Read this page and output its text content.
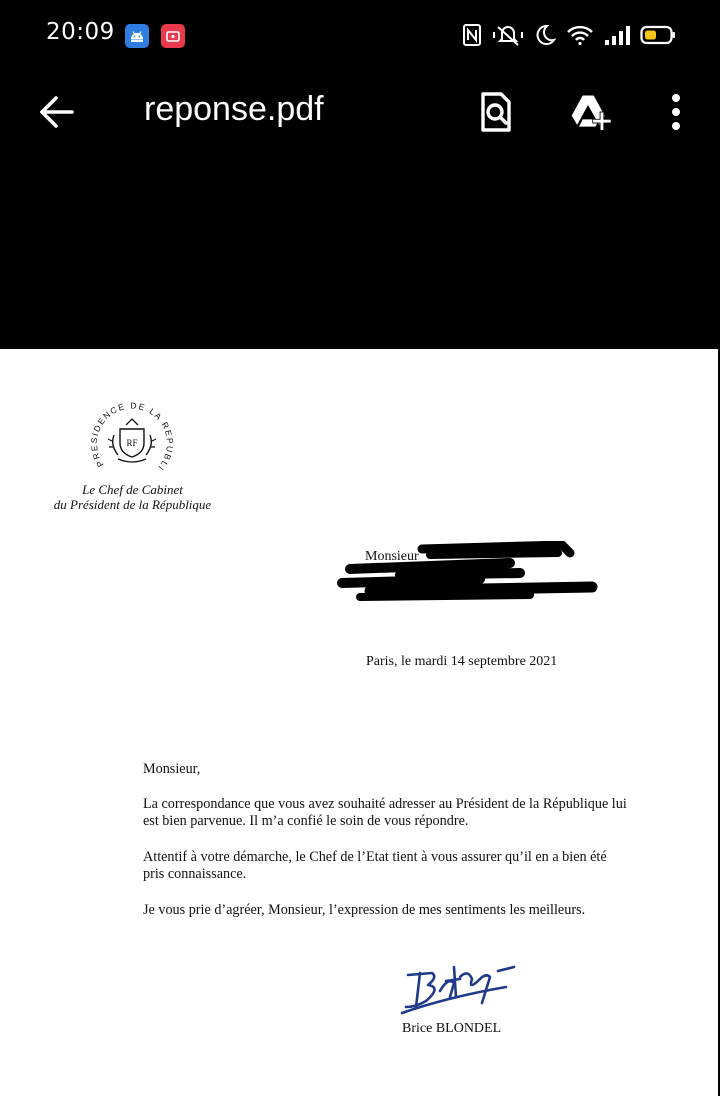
20:09
reponse.pdf
PRESIDENCE DE LA REPUBLI
RF
Le Chef de Cabinet
du Président de la République
Monsieur
Paris, le mardi 14 septembre 2021

Monsieur,

La correspondance que vous avez souhaité adresser au Président de la République lui
est bien parvenue. Il m’a confié le soin de vous répondre.

Attentif à votre démarche, le Chef de l’Etat tient à vous assurer qu’il en a bien été
pris connaissance.

Je vous prie d’agréer, Monsieur, l’expression de mes sentiments les meilleurs.

Brice BLONDEL
